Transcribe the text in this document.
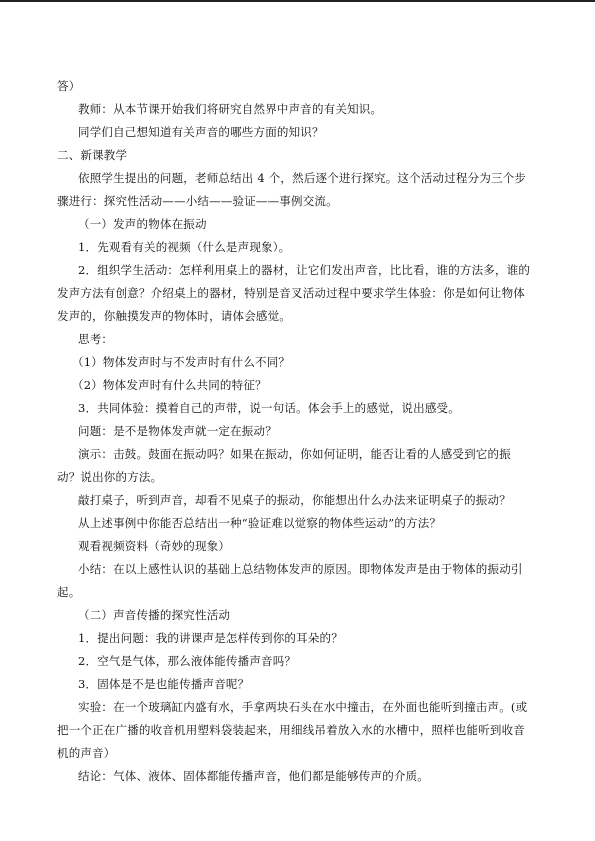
答）
教师：从本节课开始我们将研究自然界中声音的有关知识。
同学们自己想知道有关声音的哪些方面的知识？
二、新课教学
依照学生提出的问题，老师总结出 4 个，然后逐个进行探究。这个活动过程分为三个步
骤进行：探究性活动——小结——验证——事例交流。
（一）发声的物体在振动
1．先观看有关的视频（什么是声现象）。
2．组织学生活动：怎样利用桌上的器材，让它们发出声音，比比看，谁的方法多，谁的
发声方法有创意？介绍桌上的器材，特别是音叉活动过程中要求学生体验：你是如何让物体
发声的，你触摸发声的物体时，请体会感觉。
思考：
（1）物体发声时与不发声时有什么不同？
（2）物体发声时有什么共同的特征？
3．共同体验：摸着自己的声带，说一句话。体会手上的感觉，说出感受。
问题：是不是物体发声就一定在振动？
演示：击鼓。鼓面在振动吗？如果在振动，你如何证明，能否让看的人感受到它的振
动？说出你的方法。
敲打桌子，听到声音，却看不见桌子的振动，你能想出什么办法来证明桌子的振动？
从上述事例中你能否总结出一种“验证难以觉察的物体些运动”的方法？
观看视频资料（奇妙的现象）
小结：在以上感性认识的基础上总结物体发声的原因。即物体发声是由于物体的振动引
起。
（二）声音传播的探究性活动
1．提出问题：我的讲课声是怎样传到你的耳朵的？
2．空气是气体，那么液体能传播声音吗？
3．固体是不是也能传播声音呢？
实验：在一个玻璃缸内盛有水，手拿两块石头在水中撞击，在外面也能听到撞击声。(或
把一个正在广播的收音机用塑料袋装起来，用细线吊着放入水的水槽中，照样也能听到收音
机的声音）
结论：气体、液体、固体都能传播声音，他们都是能够传声的介质。
